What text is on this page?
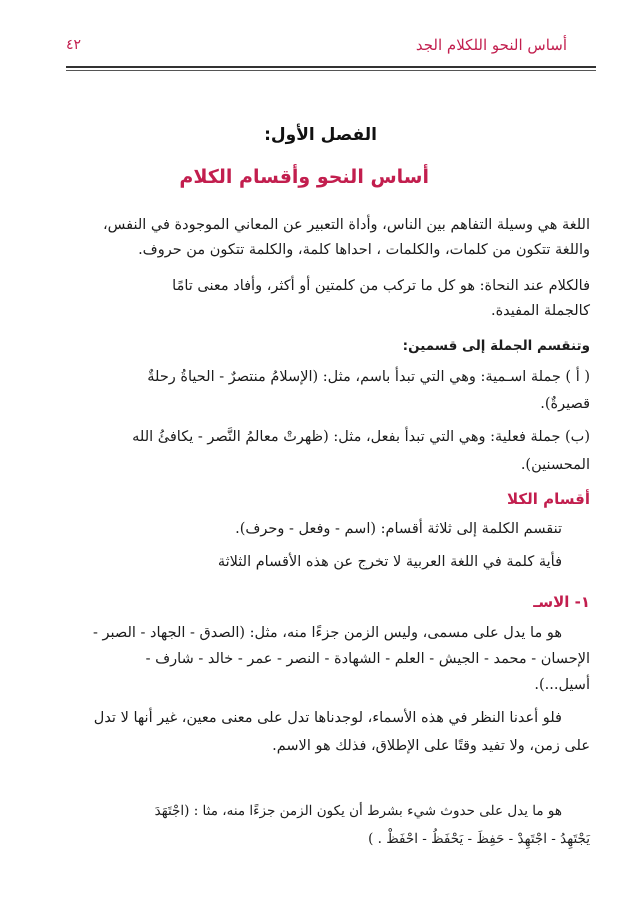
أساس النحو اللكلام الجد
٤٢
الفصل الأول:
أساس النحو وأقسام الكلام
اللغة هي وسيلة التفاهم بين الناس، وأداة التعبير عن المعاني الموجودة في النفس،
واللغة تتكون من كلمات، والكلمات ، احداها كلمة، والكلمة تتكون من حروف.
فالكلام عند النحاة: هو كل ما تركب من كلمتين أو أكثر، وأفاد معنى تامًا
كالجملة المفيدة.
وتنقسم الجملة إلى قسمين:
( أ ) جملة اسـمية: وهي التي تبدأ باسم، مثل: (الإسلامُ منتصرٌ - الحياةُ رحلةٌ
قصيرةٌ).
(ب) جملة فعلية: وهي التي تبدأ بفعل، مثل: (ظهرتْ معالمُ النَّصر - يكافئُ الله
المحسنين).
أقسام الكلا
تنقسم الكلمة إلى ثلاثة أقسام: (اسم - وفعل - وحرف).
فأية كلمة في اللغة العربية لا تخرج عن هذه الأقسام الثلاثة
١- الاسـ
هو ما يدل على مسمى، وليس الزمن جزءًا منه، مثل: (الصدق - الجهاد - الصبر -
الإحسان - محمد - الجيش - العلم - الشهادة - النصر - عمر - خالد - شارف -
أسيل...).
فلو أعدنا النظر في هذه الأسماء، لوجدناها تدل على معنى معين، غير أنها لا تدل
على زمن، ولا تفيد وقتًا على الإطلاق، فذلك هو الاسم.
هو ما يدل على حدوث شيء بشرط أن يكون الزمن جزءًا منه، مثا : (اجْتَهَدَ
يَجْتَهِدُ - اجْتَهِدْ - حَفِظَ - يَحْفَظُ - احْفَظْ . )
